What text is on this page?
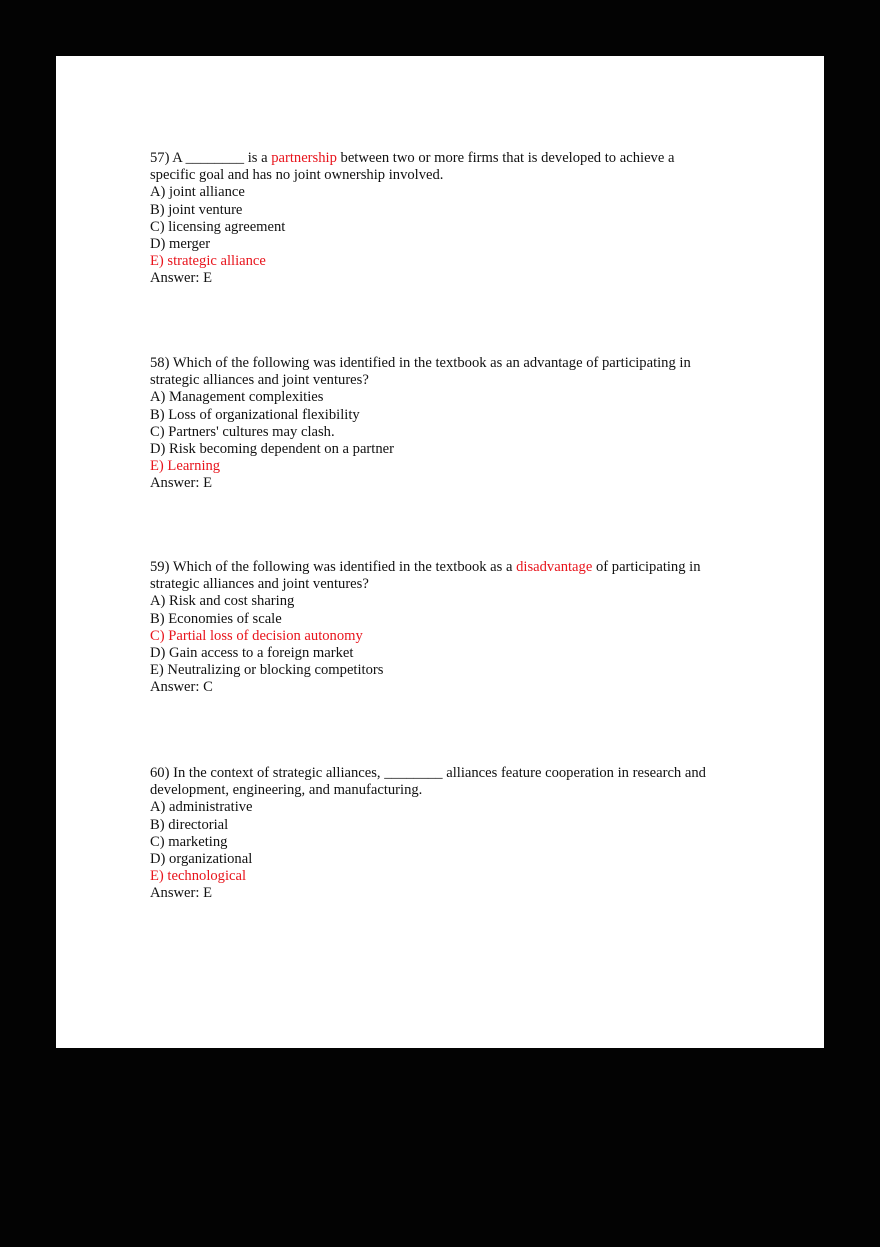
57) A ________ is a partnership between two or more firms that is developed to achieve a
specific goal and has no joint ownership involved.
A) joint alliance
B) joint venture
C) licensing agreement
D) merger
E) strategic alliance
Answer: E
58) Which of the following was identified in the textbook as an advantage of participating in
strategic alliances and joint ventures?
A) Management complexities
B) Loss of organizational flexibility
C) Partners' cultures may clash.
D) Risk becoming dependent on a partner
E) Learning
Answer: E
59) Which of the following was identified in the textbook as a disadvantage of participating in
strategic alliances and joint ventures?
A) Risk and cost sharing
B) Economies of scale
C) Partial loss of decision autonomy
D) Gain access to a foreign market
E) Neutralizing or blocking competitors
Answer: C
60) In the context of strategic alliances, ________ alliances feature cooperation in research and
development, engineering, and manufacturing.
A) administrative
B) directorial
C) marketing
D) organizational
E) technological
Answer: E
